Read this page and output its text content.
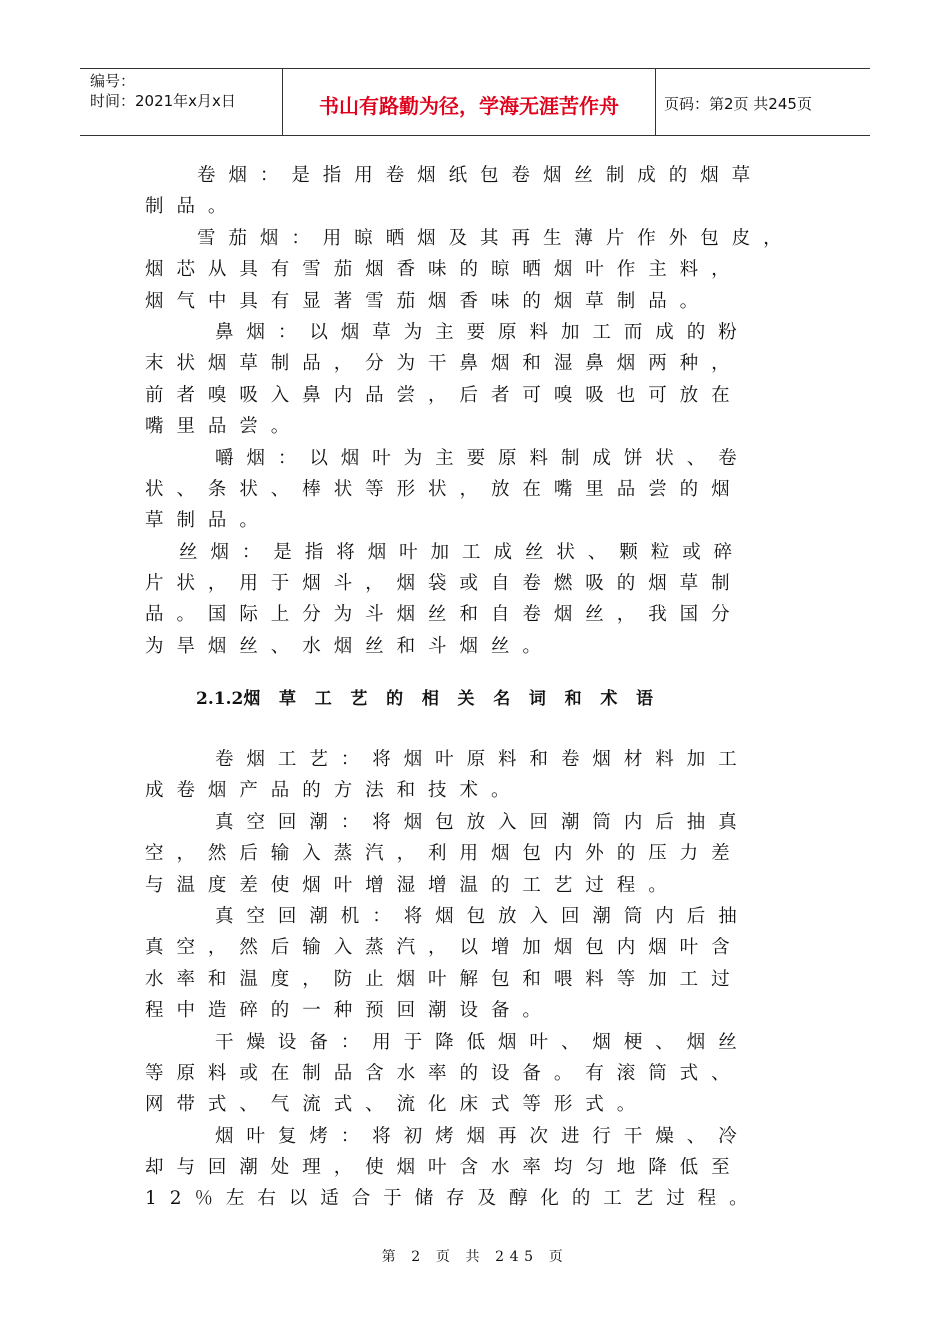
编号：
时间：2021年x月x日	书山有路勤为径，学海无涯苦作舟	页码：第2页 共245页
卷烟：是指用卷烟纸包卷烟丝制成的烟草
制品。
雪茄烟：用晾晒烟及其再生薄片作外包皮，
烟芯从具有雪茄烟香味的晾晒烟叶作主料，
烟气中具有显著雪茄烟香味的烟草制品。
鼻烟：以烟草为主要原料加工而成的粉
末状烟草制品，分为干鼻烟和湿鼻烟两种，
前者嗅吸入鼻内品尝，后者可嗅吸也可放在
嘴里品尝。
嚼烟：以烟叶为主要原料制成饼状、卷
状、条状、棒状等形状，放在嘴里品尝的烟
草制品。
丝烟：是指将烟叶加工成丝状、颗粒或碎
片状，用于烟斗，烟袋或自卷燃吸的烟草制
品。国际上分为斗烟丝和自卷烟丝，我国分
为旱烟丝、水烟丝和斗烟丝。
2.1.2烟草工艺的相关名词和术语
卷烟工艺：将烟叶原料和卷烟材料加工
成卷烟产品的方法和技术。
真空回潮：将烟包放入回潮筒内后抽真
空，然后输入蒸汽，利用烟包内外的压力差
与温度差使烟叶增湿增温的工艺过程。
真空回潮机：将烟包放入回潮筒内后抽
真空，然后输入蒸汽，以增加烟包内烟叶含
水率和温度，防止烟叶解包和喂料等加工过
程中造碎的一种预回潮设备。
干燥设备：用于降低烟叶、烟梗、烟丝
等原料或在制品含水率的设备。有滚筒式、
网带式、气流式、流化床式等形式。
烟叶复烤：将初烤烟再次进行干燥、冷
却与回潮处理，使烟叶含水率均匀地降低至
12％左右以适合于储存及醇化的工艺过程。
第 2 页 共 245 页
